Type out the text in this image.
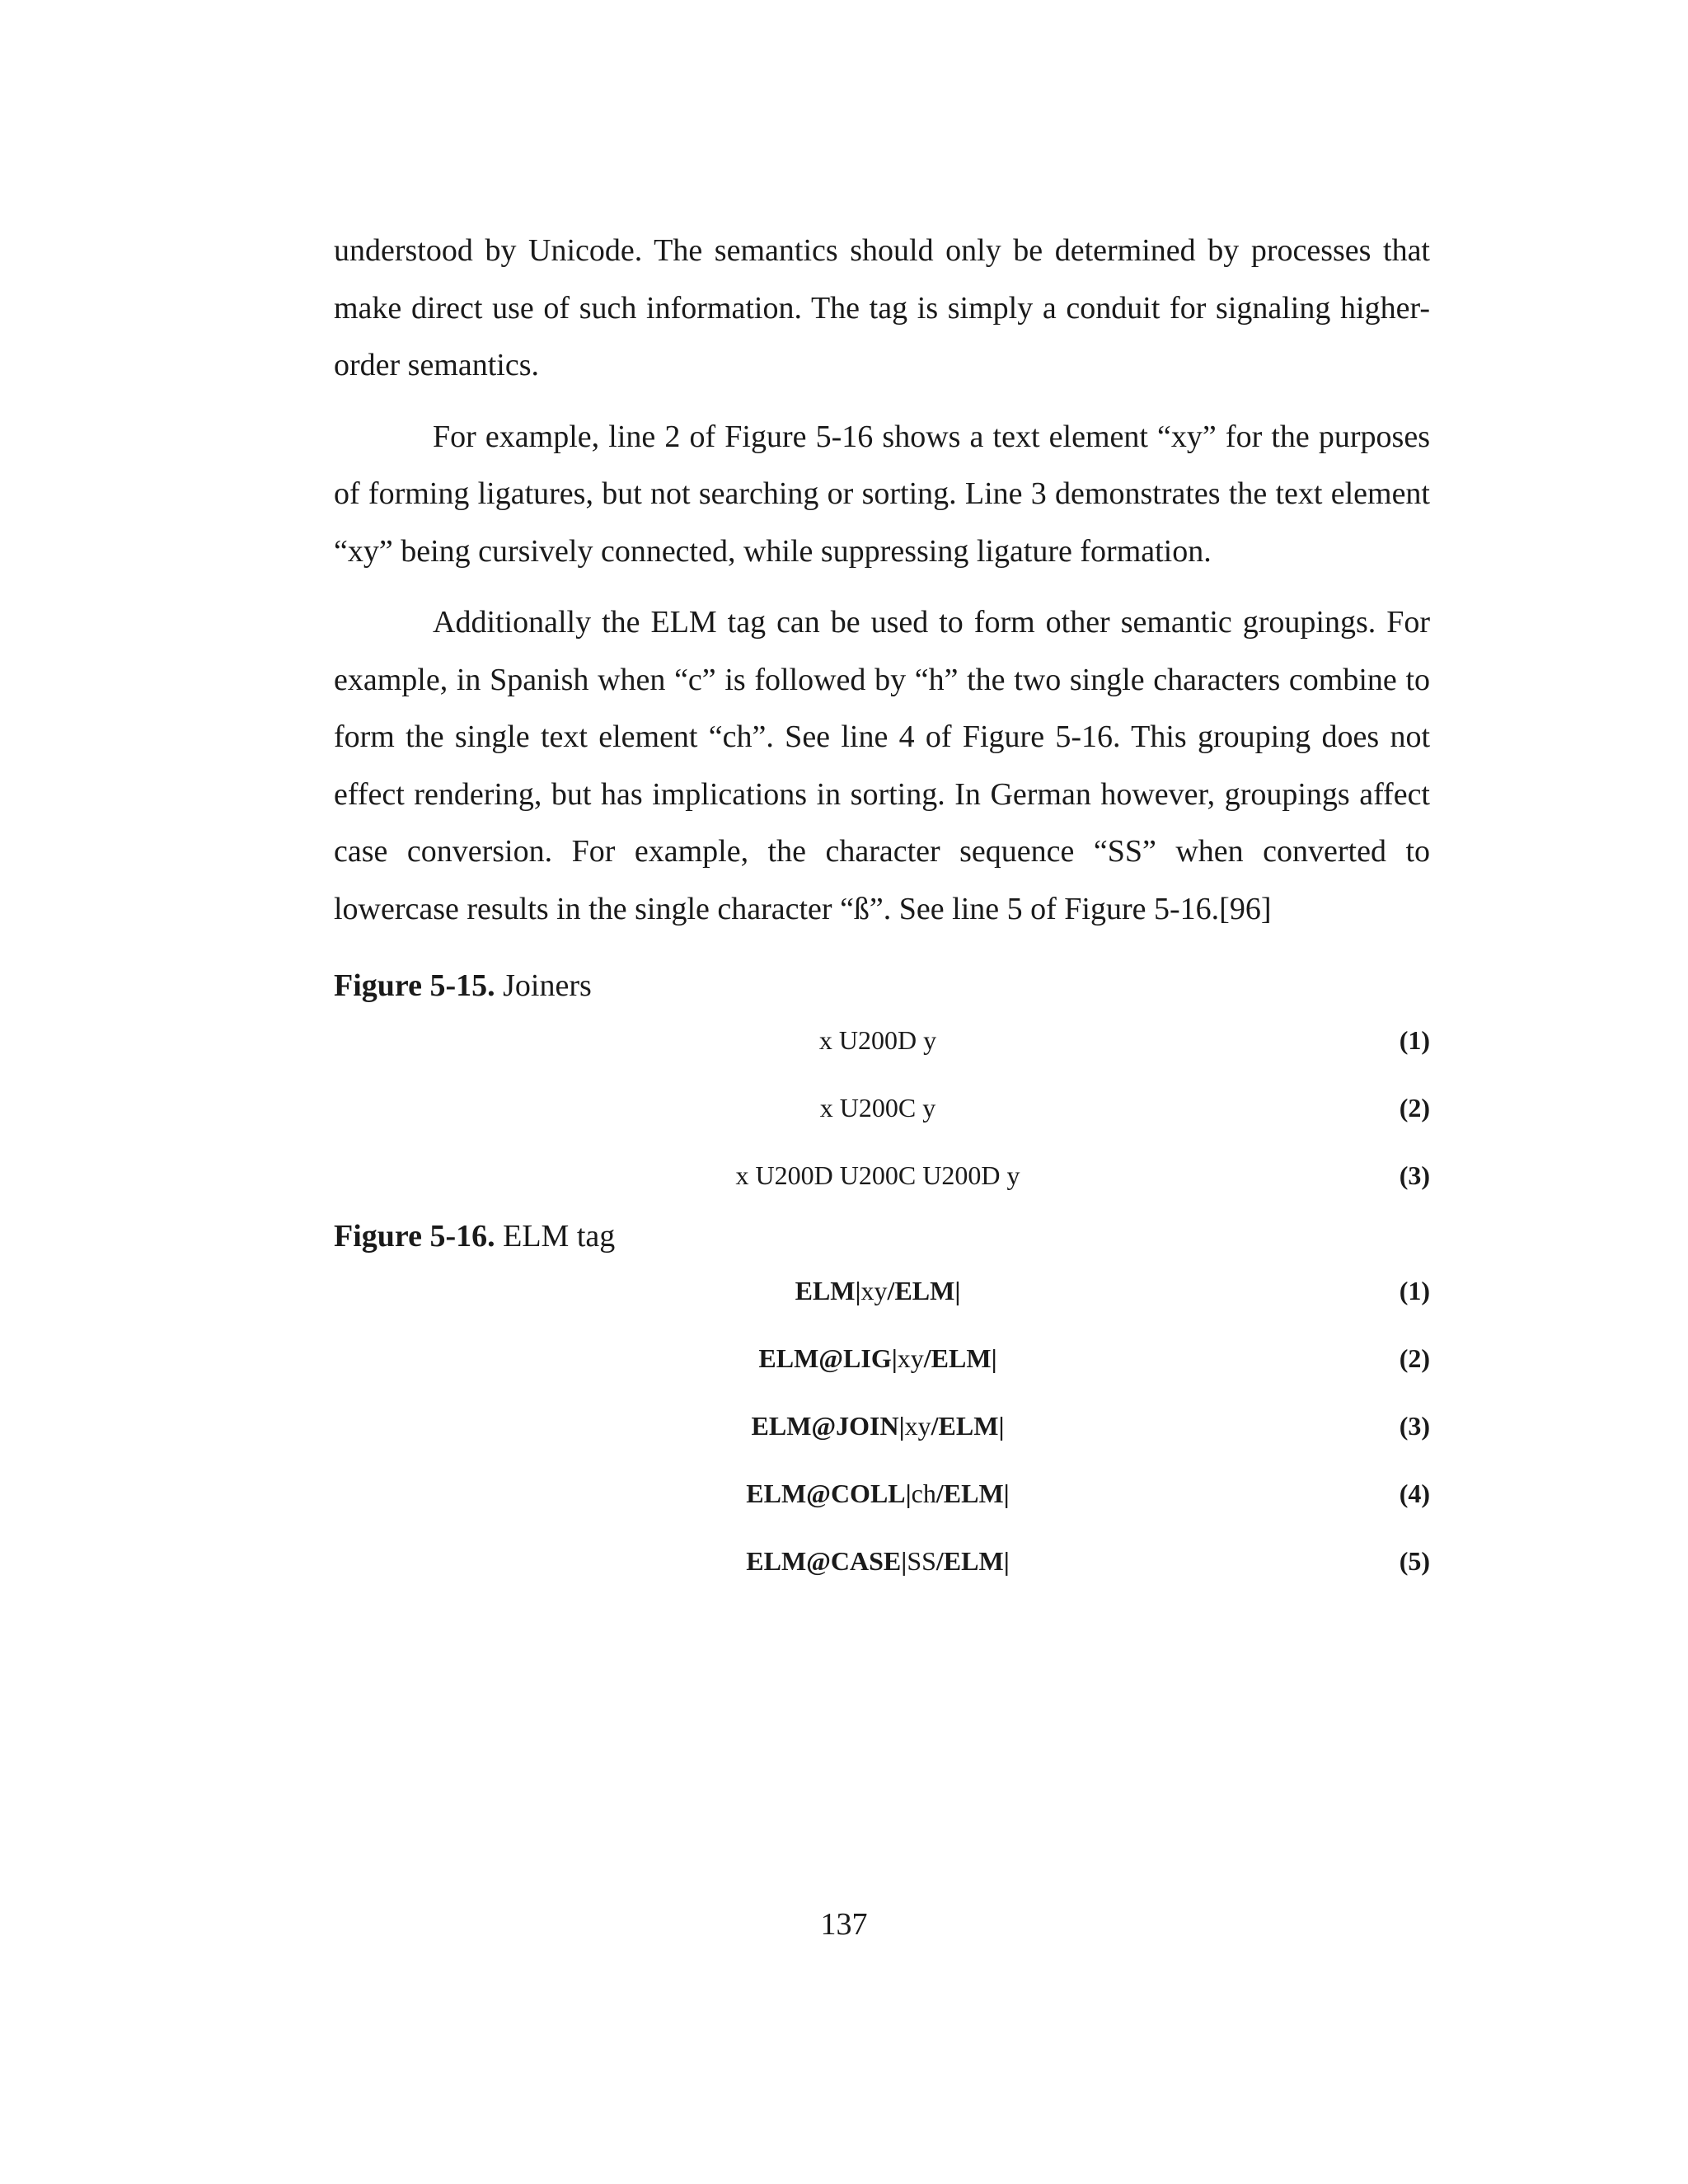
understood by Unicode. The semantics should only be determined by processes that make direct use of such information. The tag is simply a conduit for signaling higher-order semantics.

For example, line 2 of Figure 5-16 shows a text element “xy” for the purposes of forming ligatures, but not searching or sorting. Line 3 demonstrates the text element “xy” being cursively connected, while suppressing ligature formation.

Additionally the ELM tag can be used to form other semantic groupings. For example, in Spanish when “c” is followed by “h” the two single characters combine to form the single text element “ch”. See line 4 of Figure 5-16. This grouping does not effect rendering, but has implications in sorting. In German however, groupings affect case conversion. For example, the character sequence “SS” when converted to lowercase results in the single character “ß”. See line 5 of Figure 5-16.[96]

Figure 5-15. Joiners

x U200D y	(1)
x U200C y	(2)
x U200D U200C U200D y	(3)

Figure 5-16. ELM tag

ELM|xy/ELM|	(1)
ELM@LIG|xy/ELM|	(2)
ELM@JOIN|xy/ELM|	(3)
ELM@COLL|ch/ELM|	(4)
ELM@CASE|SS/ELM|	(5)
137
